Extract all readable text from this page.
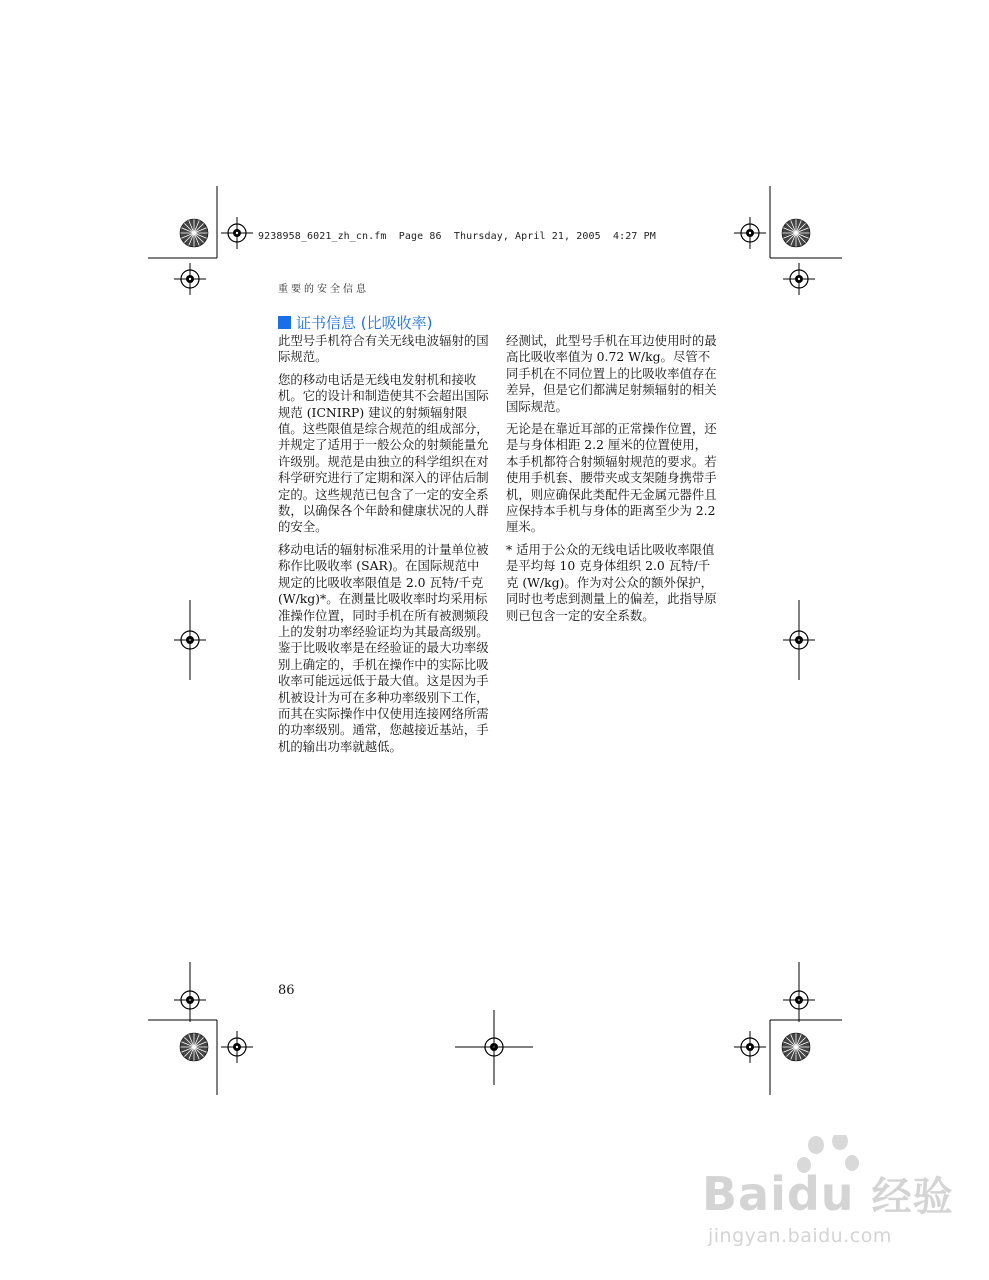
9238958_6021_zh_cn.fm  Page 86  Thursday, April 21, 2005  4:27 PM
重要的安全信息
证书信息 (比吸收率)

此型号手机符合有关无线电波辐射的国际规范。

您的移动电话是无线电发射机和接收机。它的设计和制造使其不会超出国际规范 (ICNIRP) 建议的射频辐射限值。这些限值是综合规范的组成部分，并规定了适用于一般公众的射频能量允许级别。规范是由独立的科学组织在对科学研究进行了定期和深入的评估后制定的。这些规范已包含了一定的安全系数，以确保各个年龄和健康状况的人群的安全。

移动电话的辐射标准采用的计量单位被称作比吸收率 (SAR)。在国际规范中规定的比吸收率限值是 2.0 瓦特/千克 (W/kg)*。在测量比吸收率时均采用标准操作位置，同时手机在所有被测频段上的发射功率经验证均为其最高级别。鉴于比吸收率是在经验证的最大功率级别上确定的，手机在操作中的实际比吸收率可能远远低于最大值。这是因为手机被设计为可在多种功率级别下工作，而其在实际操作中仅使用连接网络所需的功率级别。通常，您越接近基站，手机的输出功率就越低。

经测试，此型号手机在耳边使用时的最高比吸收率值为 0.72 W/kg。尽管不同手机在不同位置上的比吸收率值存在差异，但是它们都满足射频辐射的相关国际规范。

无论是在靠近耳部的正常操作位置，还是与身体相距 2.2 厘米的位置使用，本手机都符合射频辐射规范的要求。若使用手机套、腰带夹或支架随身携带手机，则应确保此类配件无金属元器件且应保持本手机与身体的距离至少为 2.2 厘米。

* 适用于公众的无线电话比吸收率限值是平均每 10 克身体组织 2.0 瓦特/千克 (W/kg)。作为对公众的额外保护，同时也考虑到测量上的偏差，此指导原则已包含一定的安全系数。

86
Baidu 经验
jingyan.baidu.com
